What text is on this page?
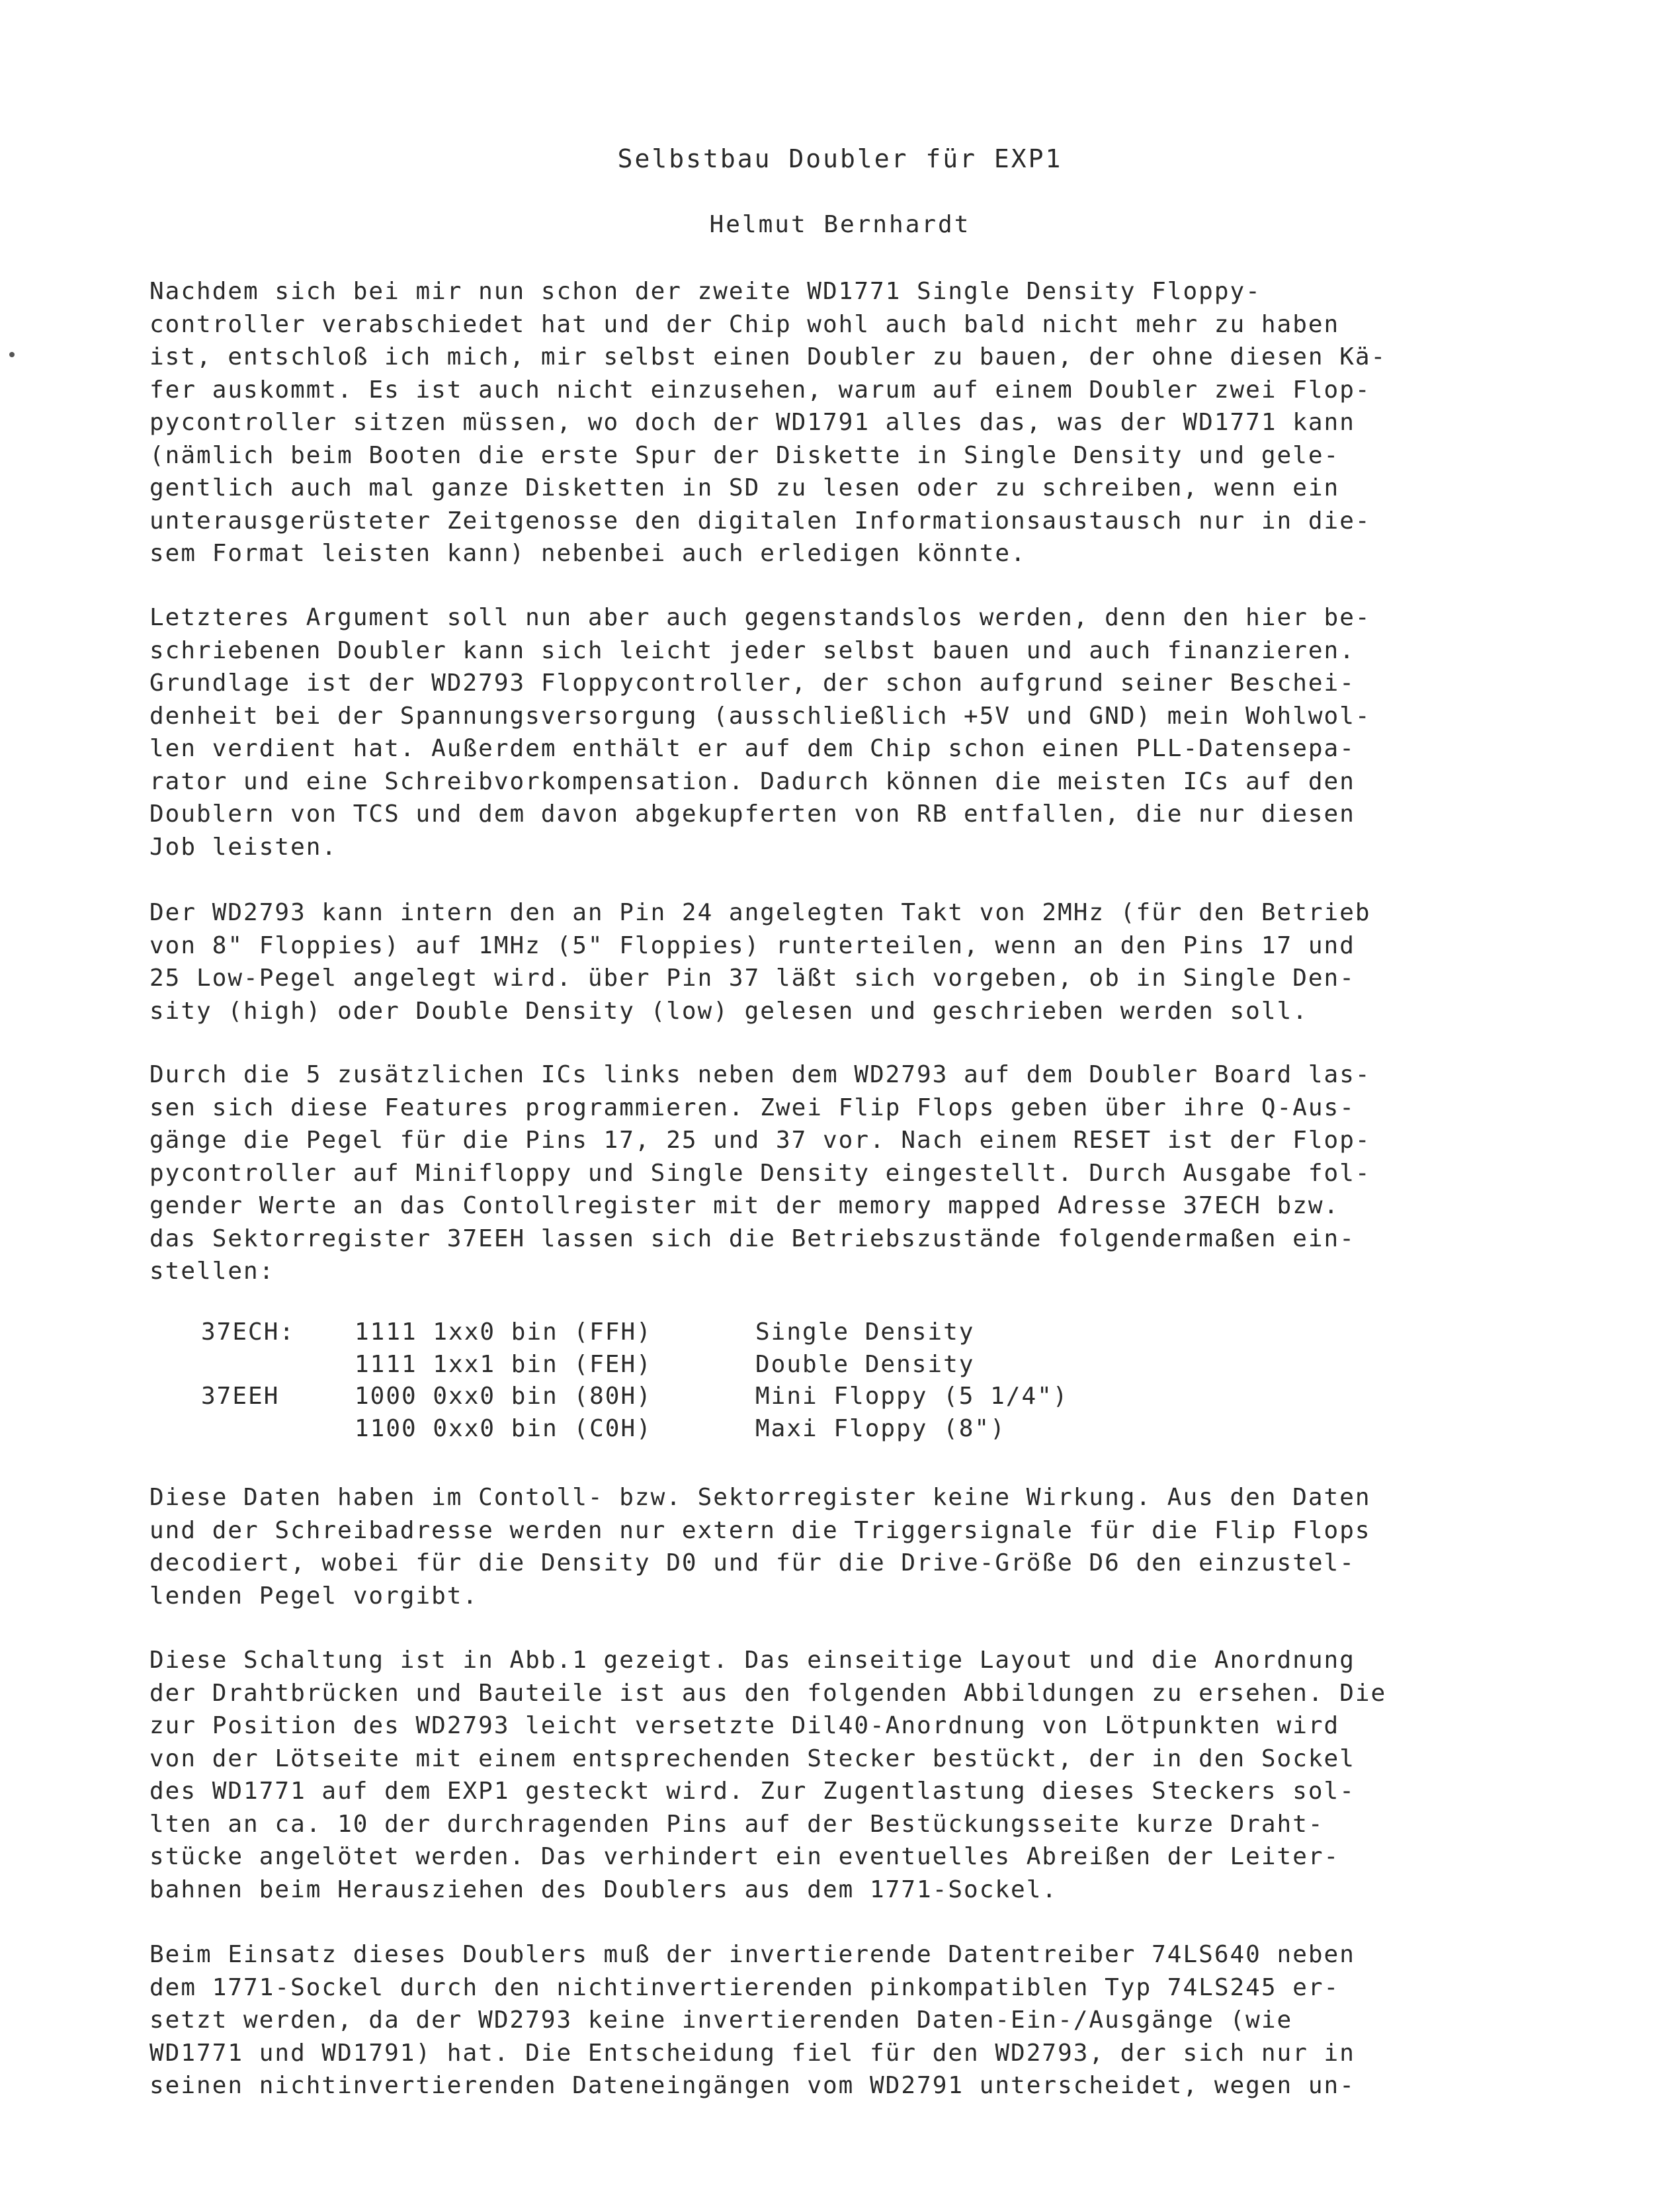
Selbstbau Doubler für EXP1
Helmut Bernhardt
Nachdem sich bei mir nun schon der zweite WD1771 Single Density Floppy-
controller verabschiedet hat und der Chip wohl auch bald nicht mehr zu haben
ist, entschloß ich mich, mir selbst einen Doubler zu bauen, der ohne diesen Kä-
fer auskommt. Es ist auch nicht einzusehen, warum auf einem Doubler zwei Flop-
pycontroller sitzen müssen, wo doch der WD1791 alles das, was der WD1771 kann
(nämlich beim Booten die erste Spur der Diskette in Single Density und gele-
gentlich auch mal ganze Disketten in SD zu lesen oder zu schreiben, wenn ein
unterausgerüsteter Zeitgenosse den digitalen Informationsaustausch nur in die-
sem Format leisten kann) nebenbei auch erledigen könnte.
Letzteres Argument soll nun aber auch gegenstandslos werden, denn den hier be-
schriebenen Doubler kann sich leicht jeder selbst bauen und auch finanzieren.
Grundlage ist der WD2793 Floppycontroller, der schon aufgrund seiner Beschei-
denheit bei der Spannungsversorgung (ausschließlich +5V und GND) mein Wohlwol-
len verdient hat. Außerdem enthält er auf dem Chip schon einen PLL-Datensepa-
rator und eine Schreibvorkompensation. Dadurch können die meisten ICs auf den
Doublern von TCS und dem davon abgekupferten von RB entfallen, die nur diesen
Job leisten.
Der WD2793 kann intern den an Pin 24 angelegten Takt von 2MHz (für den Betrieb
von 8" Floppies) auf 1MHz (5" Floppies) runterteilen, wenn an den Pins 17 und
25 Low-Pegel angelegt wird. über Pin 37 läßt sich vorgeben, ob in Single Den-
sity (high) oder Double Density (low) gelesen und geschrieben werden soll.
Durch die 5 zusätzlichen ICs links neben dem WD2793 auf dem Doubler Board las-
sen sich diese Features programmieren. Zwei Flip Flops geben über ihre Q-Aus-
gänge die Pegel für die Pins 17, 25 und 37 vor. Nach einem RESET ist der Flop-
pycontroller auf Minifloppy und Single Density eingestellt. Durch Ausgabe fol-
gender Werte an das Contollregister mit der memory mapped Adresse 37ECH bzw.
das Sektorregister 37EEH lassen sich die Betriebszustände folgendermaßen ein-
stellen:
37ECH:	1111 1xx0 bin (FFH)	Single Density
	1111 1xx1 bin (FEH)	Double Density
37EEH	1000 0xx0 bin (80H)	Mini Floppy (5 1/4")
	1100 0xx0 bin (C0H)	Maxi Floppy (8")
Diese Daten haben im Contoll- bzw. Sektorregister keine Wirkung. Aus den Daten
und der Schreibadresse werden nur extern die Triggersignale für die Flip Flops
decodiert, wobei für die Density D0 und für die Drive-Größe D6 den einzustel-
lenden Pegel vorgibt.
Diese Schaltung ist in Abb.1 gezeigt. Das einseitige Layout und die Anordnung
der Drahtbrücken und Bauteile ist aus den folgenden Abbildungen zu ersehen. Die
zur Position des WD2793 leicht versetzte Dil40-Anordnung von Lötpunkten wird
von der Lötseite mit einem entsprechenden Stecker bestückt, der in den Sockel
des WD1771 auf dem EXP1 gesteckt wird. Zur Zugentlastung dieses Steckers sol-
lten an ca. 10 der durchragenden Pins auf der Bestückungsseite kurze Draht-
stücke angelötet werden. Das verhindert ein eventuelles Abreißen der Leiter-
bahnen beim Herausziehen des Doublers aus dem 1771-Sockel.
Beim Einsatz dieses Doublers muß der invertierende Datentreiber 74LS640 neben
dem 1771-Sockel durch den nichtinvertierenden pinkompatiblen Typ 74LS245 er-
setzt werden, da der WD2793 keine invertierenden Daten-Ein-/Ausgänge (wie
WD1771 und WD1791) hat. Die Entscheidung fiel für den WD2793, der sich nur in
seinen nichtinvertierenden Dateneingängen vom WD2791 unterscheidet, wegen un-
